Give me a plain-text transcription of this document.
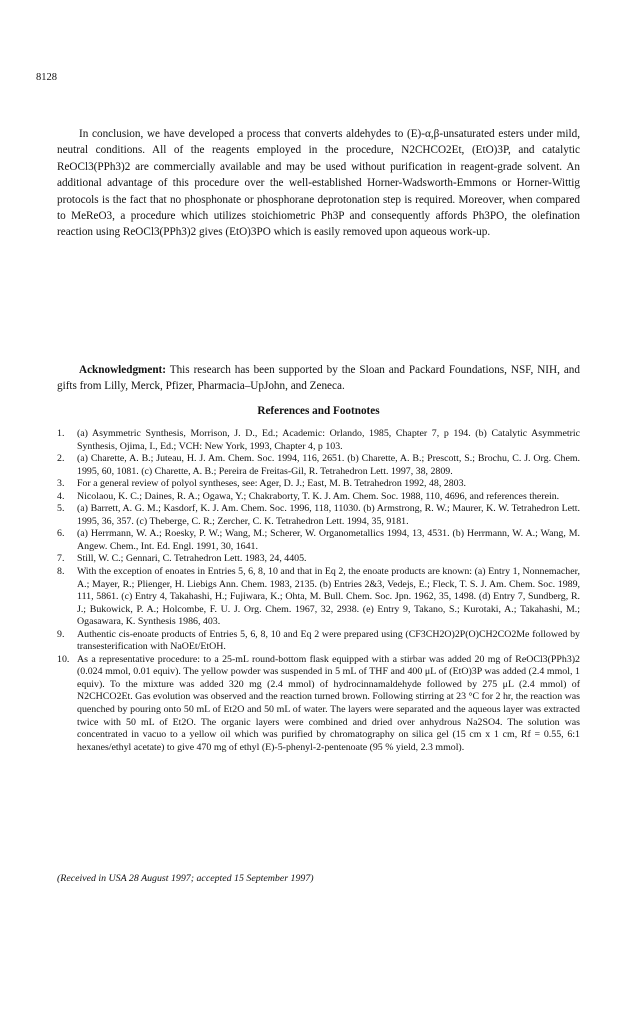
8128

In conclusion, we have developed a process that converts aldehydes to (E)-α,β-unsaturated esters under mild, neutral conditions. All of the reagents employed in the procedure, N2CHCO2Et, (EtO)3P, and catalytic ReOCl3(PPh3)2 are commercially available and may be used without purification in reagent-grade solvent. An additional advantage of this procedure over the well-established Horner-Wadsworth-Emmons or Horner-Wittig protocols is the fact that no phosphonate or phosphorane deprotonation step is required. Moreover, when compared to MeReO3, a procedure which utilizes stoichiometric Ph3P and consequently affords Ph3PO, the olefination reaction using ReOCl3(PPh3)2 gives (EtO)3PO which is easily removed upon aqueous work-up.

Acknowledgment: This research has been supported by the Sloan and Packard Foundations, NSF, NIH, and gifts from Lilly, Merck, Pfizer, Pharmacia–UpJohn, and Zeneca.

References and Footnotes
1.	(a) Asymmetric Synthesis, Morrison, J. D., Ed.; Academic: Orlando, 1985, Chapter 7, p 194. (b) Catalytic Asymmetric Synthesis, Ojima, I., Ed.; VCH: New York, 1993, Chapter 4, p 103.
2.	(a) Charette, A. B.; Juteau, H. J. Am. Chem. Soc. 1994, 116, 2651. (b) Charette, A. B.; Prescott, S.; Brochu, C. J. Org. Chem. 1995, 60, 1081. (c) Charette, A. B.; Pereira de Freitas-Gil, R. Tetrahedron Lett. 1997, 38, 2809.
3.	For a general review of polyol syntheses, see: Ager, D. J.; East, M. B. Tetrahedron 1992, 48, 2803.
4.	Nicolaou, K. C.; Daines, R. A.; Ogawa, Y.; Chakraborty, T. K. J. Am. Chem. Soc. 1988, 110, 4696, and references therein.
5.	(a) Barrett, A. G. M.; Kasdorf, K. J. Am. Chem. Soc. 1996, 118, 11030. (b) Armstrong, R. W.; Maurer, K. W. Tetrahedron Lett. 1995, 36, 357. (c) Theberge, C. R.; Zercher, C. K. Tetrahedron Lett. 1994, 35, 9181.
6.	(a) Herrmann, W. A.; Roesky, P. W.; Wang, M.; Scherer, W. Organometallics 1994, 13, 4531. (b) Herrmann, W. A.; Wang, M. Angew. Chem., Int. Ed. Engl. 1991, 30, 1641.
7.	Still, W. C.; Gennari, C. Tetrahedron Lett. 1983, 24, 4405.
8.	With the exception of enoates in Entries 5, 6, 8, 10 and that in Eq 2, the enoate products are known: (a) Entry 1, Nonnemacher, A.; Mayer, R.; Plienger, H. Liebigs Ann. Chem. 1983, 2135. (b) Entries 2&3, Vedejs, E.; Fleck, T. S. J. Am. Chem. Soc. 1989, 111, 5861. (c) Entry 4, Takahashi, H.; Fujiwara, K.; Ohta, M. Bull. Chem. Soc. Jpn. 1962, 35, 1498. (d) Entry 7, Sundberg, R. J.; Bukowick, P. A.; Holcombe, F. U. J. Org. Chem. 1967, 32, 2938. (e) Entry 9, Takano, S.; Kurotaki, A.; Takahashi, M.; Ogasawara, K. Synthesis 1986, 403.
9.	Authentic cis-enoate products of Entries 5, 6, 8, 10 and Eq 2 were prepared using (CF3CH2O)2P(O)CH2CO2Me followed by transesterification with NaOEt/EtOH.
10. As a representative procedure: to a 25-mL round-bottom flask equipped with a stirbar was added 20 mg of ReOCl3(PPh3)2 (0.024 mmol, 0.01 equiv). The yellow powder was suspended in 5 mL of THF and 400 μL of (EtO)3P was added (2.4 mmol, 1 equiv). To the mixture was added 320 mg (2.4 mmol) of hydrocinnamaldehyde followed by 275 μL (2.4 mmol) of N2CHCO2Et. Gas evolution was observed and the reaction turned brown. Following stirring at 23 °C for 2 hr, the reaction was quenched by pouring onto 50 mL of Et2O and 50 mL of water. The layers were separated and the aqueous layer was extracted twice with 50 mL of Et2O. The organic layers were combined and dried over anhydrous Na2SO4. The solution was concentrated in vacuo to a yellow oil which was purified by chromatography on silica gel (15 cm x 1 cm, Rf = 0.55, 6:1 hexanes/ethyl acetate) to give 470 mg of ethyl (E)-5-phenyl-2-pentenoate (95 % yield, 2.3 mmol).

(Received in USA 28 August 1997; accepted 15 September 1997)
